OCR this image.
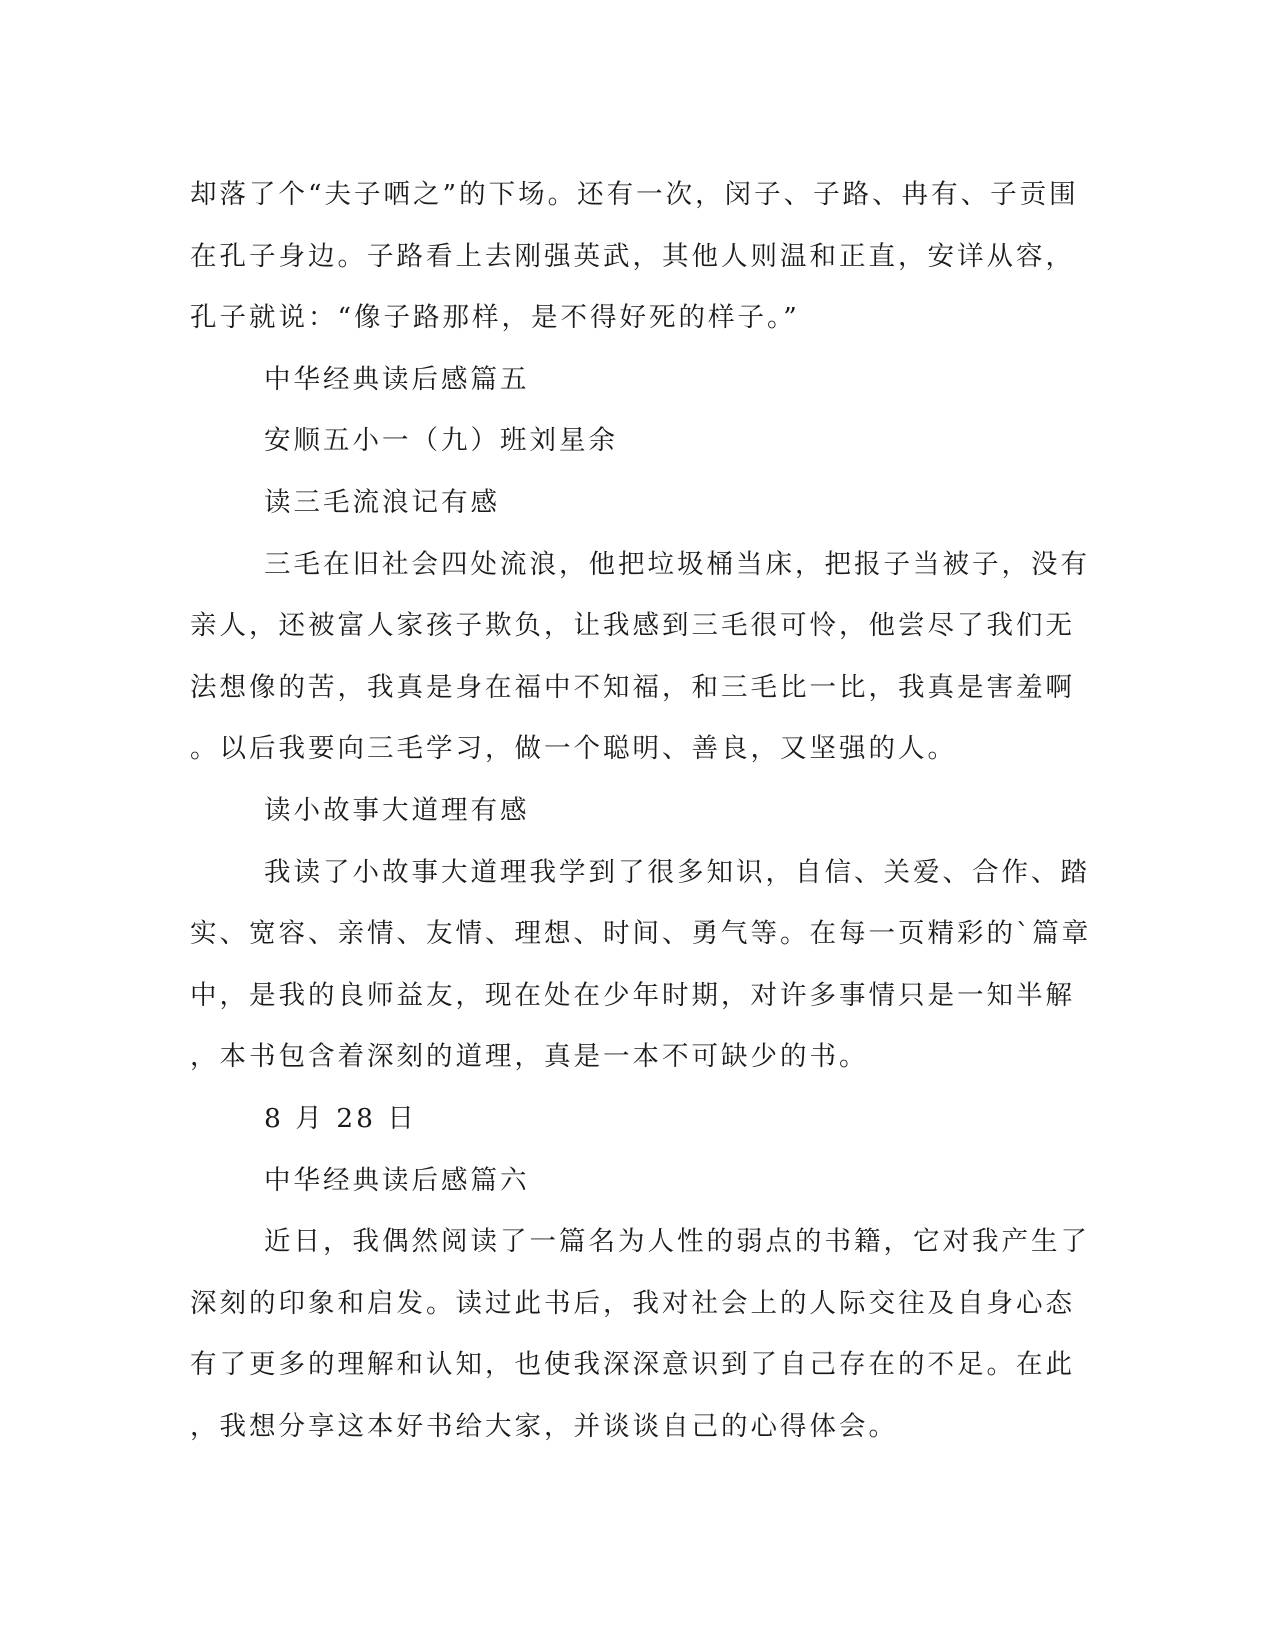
却落了个“夫子哂之”的下场。还有一次，闵子、子路、冉有、子贡围
在孔子身边。子路看上去刚强英武，其他人则温和正直，安详从容，
孔子就说：“像子路那样，是不得好死的样子。”
中华经典读后感篇五
安顺五小一（九）班刘星余
读三毛流浪记有感
三毛在旧社会四处流浪，他把垃圾桶当床，把报子当被子，没有
亲人，还被富人家孩子欺负，让我感到三毛很可怜，他尝尽了我们无
法想像的苦，我真是身在福中不知福，和三毛比一比，我真是害羞啊
。以后我要向三毛学习，做一个聪明、善良，又坚强的人。
读小故事大道理有感
我读了小故事大道理我学到了很多知识，自信、关爱、合作、踏
实、宽容、亲情、友情、理想、时间、勇气等。在每一页精彩的`篇章
中，是我的良师益友，现在处在少年时期，对许多事情只是一知半解
，本书包含着深刻的道理，真是一本不可缺少的书。
8 月 28 日
中华经典读后感篇六
近日，我偶然阅读了一篇名为人性的弱点的书籍，它对我产生了
深刻的印象和启发。读过此书后，我对社会上的人际交往及自身心态
有了更多的理解和认知，也使我深深意识到了自己存在的不足。在此
，我想分享这本好书给大家，并谈谈自己的心得体会。
